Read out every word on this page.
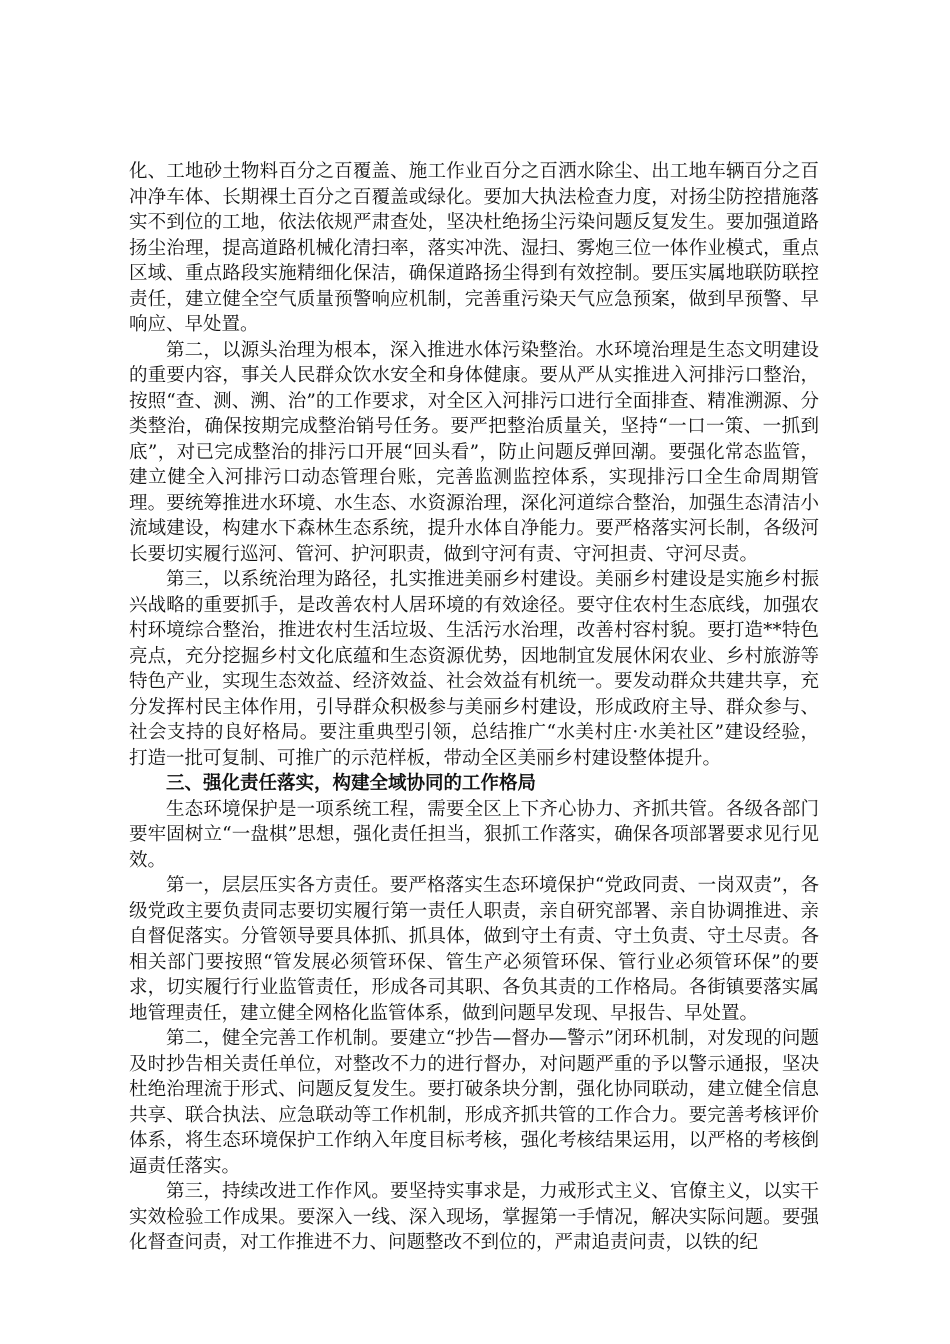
化、工地砂土物料百分之百覆盖、施工作业百分之百洒水除尘、出工地车辆百分之百冲净车体、长期裸土百分之百覆盖或绿化。要加大执法检查力度，对扬尘防控措施落实不到位的工地，依法依规严肃查处，坚决杜绝扬尘污染问题反复发生。要加强道路扬尘治理，提高道路机械化清扫率，落实冲洗、湿扫、雾炮三位一体作业模式，重点区域、重点路段实施精细化保洁，确保道路扬尘得到有效控制。要压实属地联防联控责任，建立健全空气质量预警响应机制，完善重污染天气应急预案，做到早预警、早响应、早处置。

第二，以源头治理为根本，深入推进水体污染整治。水环境治理是生态文明建设的重要内容，事关人民群众饮水安全和身体健康。要从严从实推进入河排污口整治，按照“查、测、溯、治”的工作要求，对全区入河排污口进行全面排查、精准溯源、分类整治，确保按期完成整治销号任务。要严把整治质量关，坚持“一口一策、一抓到底”，对已完成整治的排污口开展“回头看”，防止问题反弹回潮。要强化常态监管，建立健全入河排污口动态管理台账，完善监测监控体系，实现排污口全生命周期管理。要统筹推进水环境、水生态、水资源治理，深化河道综合整治，加强生态清洁小流域建设，构建水下森林生态系统，提升水体自净能力。要严格落实河长制，各级河长要切实履行巡河、管河、护河职责，做到守河有责、守河担责、守河尽责。

第三，以系统治理为路径，扎实推进美丽乡村建设。美丽乡村建设是实施乡村振兴战略的重要抓手，是改善农村人居环境的有效途径。要守住农村生态底线，加强农村环境综合整治，推进农村生活垃圾、生活污水治理，改善村容村貌。要打造**特色亮点，充分挖掘乡村文化底蕴和生态资源优势，因地制宜发展休闲农业、乡村旅游等特色产业，实现生态效益、经济效益、社会效益有机统一。要发动群众共建共享，充分发挥村民主体作用，引导群众积极参与美丽乡村建设，形成政府主导、群众参与、社会支持的良好格局。要注重典型引领，总结推广“水美村庄·水美社区”建设经验，打造一批可复制、可推广的示范样板，带动全区美丽乡村建设整体提升。

三、强化责任落实，构建全域协同的工作格局

生态环境保护是一项系统工程，需要全区上下齐心协力、齐抓共管。各级各部门要牢固树立“一盘棋”思想，强化责任担当，狠抓工作落实，确保各项部署要求见行见效。

第一，层层压实各方责任。要严格落实生态环境保护“党政同责、一岗双责”，各级党政主要负责同志要切实履行第一责任人职责，亲自研究部署、亲自协调推进、亲自督促落实。分管领导要具体抓、抓具体，做到守土有责、守土负责、守土尽责。各相关部门要按照“管发展必须管环保、管生产必须管环保、管行业必须管环保”的要求，切实履行行业监管责任，形成各司其职、各负其责的工作格局。各街镇要落实属地管理责任，建立健全网格化监管体系，做到问题早发现、早报告、早处置。

第二，健全完善工作机制。要建立“抄告—督办—警示”闭环机制，对发现的问题及时抄告相关责任单位，对整改不力的进行督办，对问题严重的予以警示通报，坚决杜绝治理流于形式、问题反复发生。要打破条块分割，强化协同联动，建立健全信息共享、联合执法、应急联动等工作机制，形成齐抓共管的工作合力。要完善考核评价体系，将生态环境保护工作纳入年度目标考核，强化考核结果运用，以严格的考核倒逼责任落实。

第三，持续改进工作作风。要坚持实事求是，力戒形式主义、官僚主义，以实干实效检验工作成果。要深入一线、深入现场，掌握第一手情况，解决实际问题。要强化督查问责，对工作推进不力、问题整改不到位的，严肃追责问责，以铁的纪
